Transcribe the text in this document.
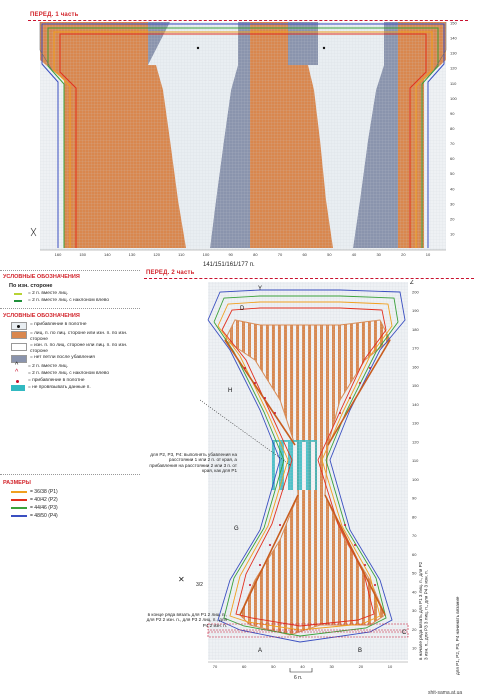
ПЕРЕД. 1 часть
150
140
130
120
110
100
90
80
70
60
50
40
30
20
10
160	150	140	130	120	110	100	90	80	70	60	50	40	30	20	10
141/151/161/177 п.
УСЛОВНЫЕ ОБОЗНАЧЕНИЯ
По изн. стороне
= 2 п. вместе лиц.
= 2 п. вместе лиц. с наклоном влево
УСЛОВНЫЕ ОБОЗНАЧЕНИЯ
= прибавление в полотне
= лиц. п. по лиц. стороне или изн. п. по изн. стороне
= изн. п. по лиц. стороне или лиц. п. по изн. стороне
= нет петли после убавления
^ = 2 п. вместе лиц.
^ = 2 п. вместе лиц. с наклоном влево
= прибавление в полотне
= не провязывать данные п.
РАЗМЕРЫ
= 36/38 (P1)
= 40/42 (P2)
= 44/46 (P3)
= 48/50 (P4)
ПЕРЕД. 2 часть
Y
Z
D
H
G
A	B
C
200
190
180
170
160
150
140
130
120
110
100
90
80
70
60
50
40
30
20
10
70	60	50	40	30	20	10
6 п.
для P2, P3, P4: выполнять убавления на расстоянии 1 или 2 п. от края, а прибавления на расстоянии 2 или 3 п. от края, как для P1
✕
3/2
в конце ряда вязать для P1 2 лиц. п., для P2 2 изн. п., для P3 2 лиц. п., для P4 2 изн. п.	в начале ряда вязать для P1 3 лиц. п., для P2 3 изн. п., для P3 3 лиц. п., для P4 3 изн. п.	для P1, P2, P3, P4 начинать вязание
shit-sama.at.ua
